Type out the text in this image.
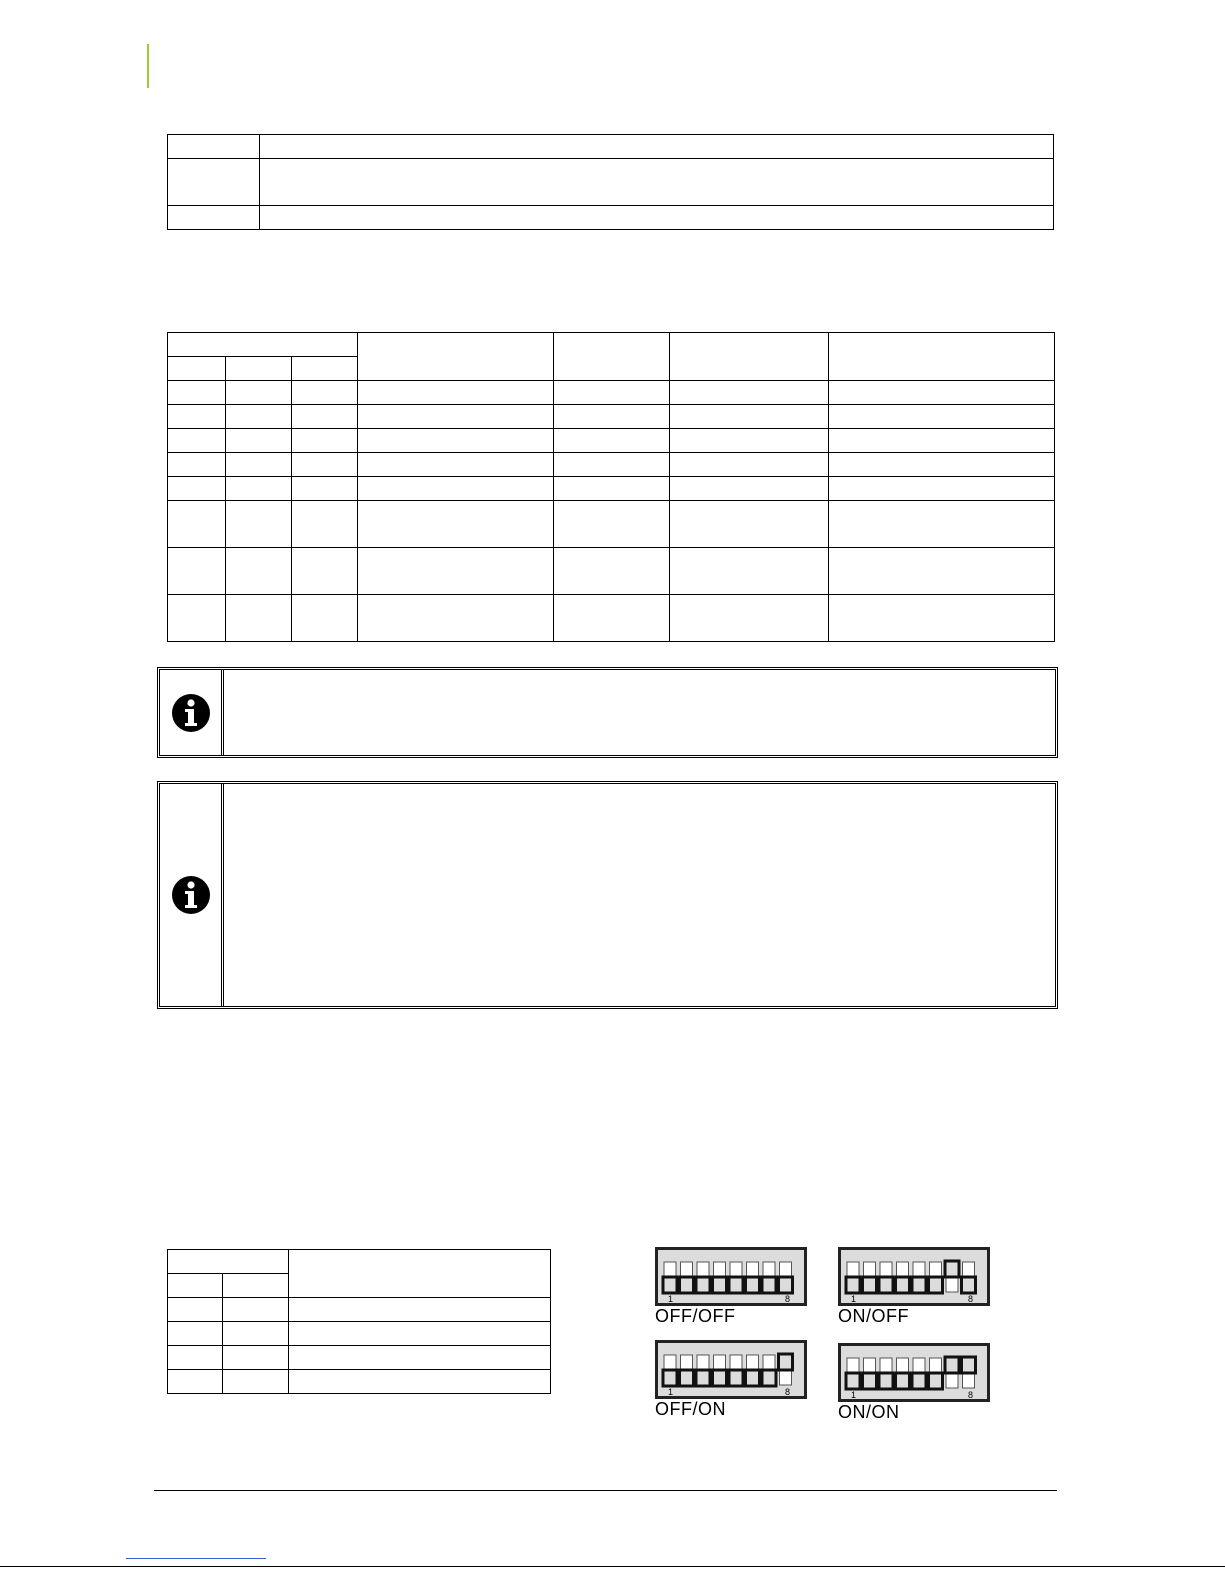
1	8
OFF/OFF
1	8
ON/OFF
1	8
OFF/ON
1	8
ON/ON
